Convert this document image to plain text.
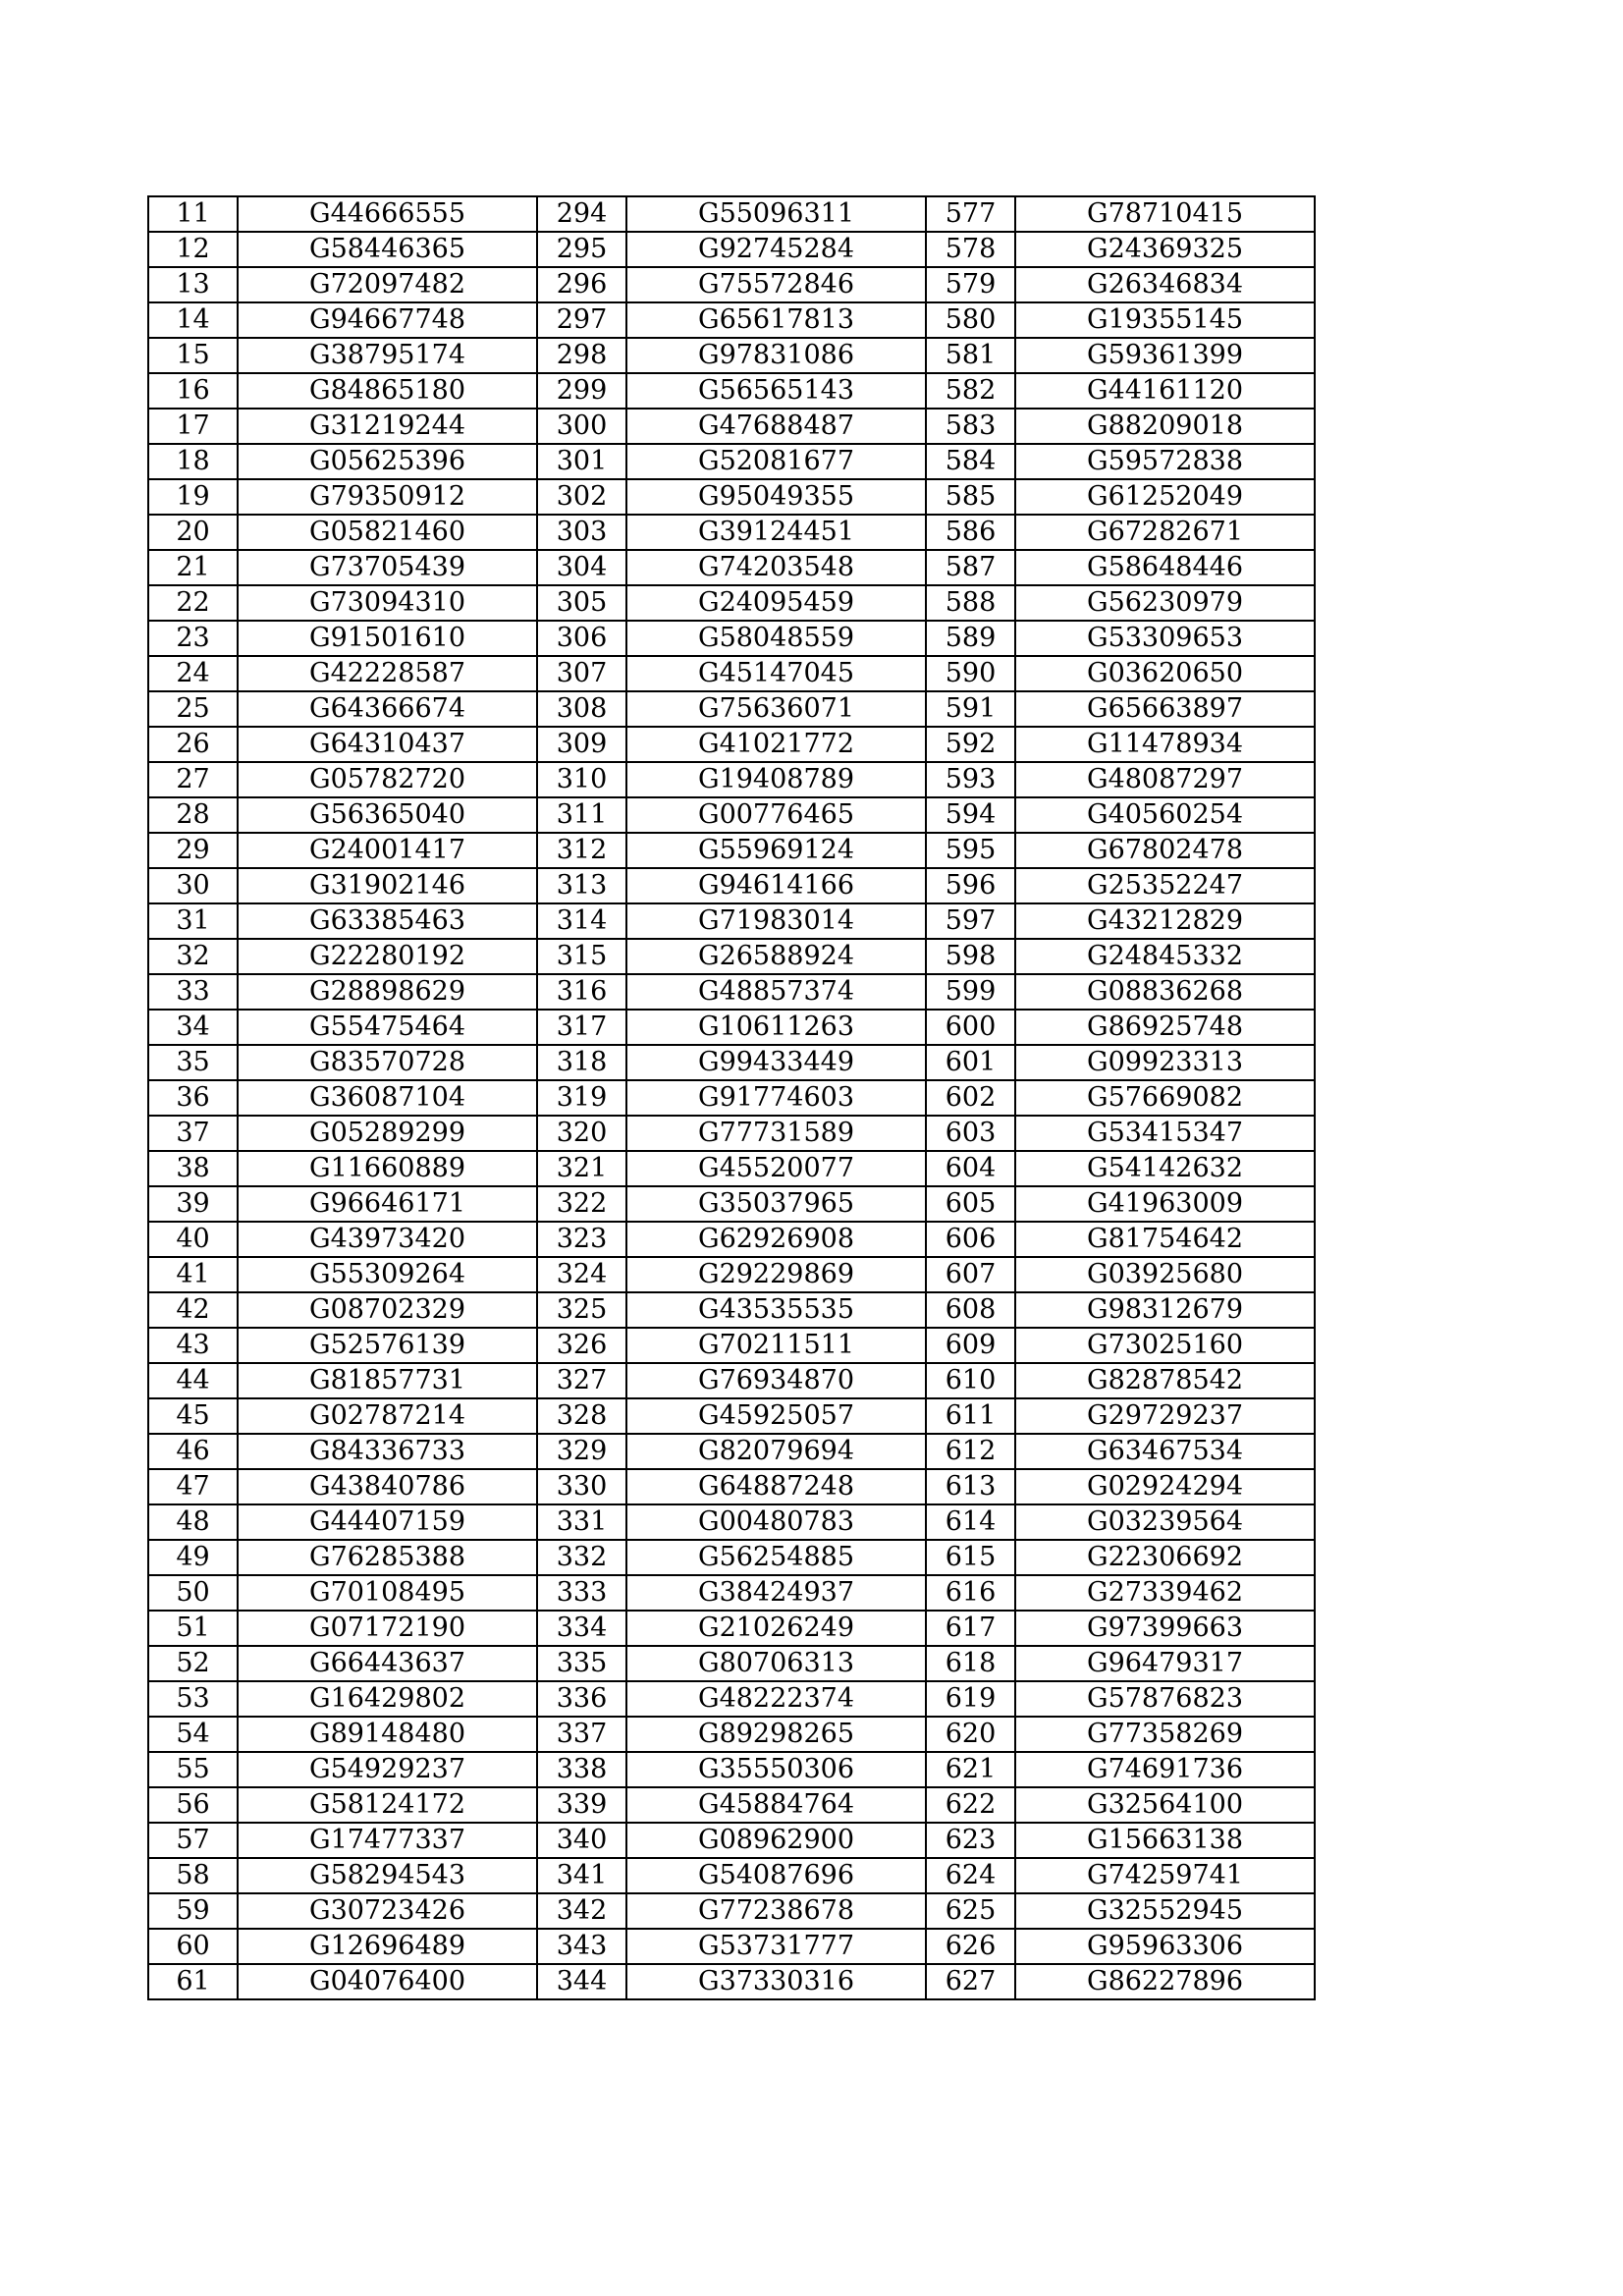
11	G44666555	294	G55096311	577	G78710415
12	G58446365	295	G92745284	578	G24369325
13	G72097482	296	G75572846	579	G26346834
14	G94667748	297	G65617813	580	G19355145
15	G38795174	298	G97831086	581	G59361399
16	G84865180	299	G56565143	582	G44161120
17	G31219244	300	G47688487	583	G88209018
18	G05625396	301	G52081677	584	G59572838
19	G79350912	302	G95049355	585	G61252049
20	G05821460	303	G39124451	586	G67282671
21	G73705439	304	G74203548	587	G58648446
22	G73094310	305	G24095459	588	G56230979
23	G91501610	306	G58048559	589	G53309653
24	G42228587	307	G45147045	590	G03620650
25	G64366674	308	G75636071	591	G65663897
26	G64310437	309	G41021772	592	G11478934
27	G05782720	310	G19408789	593	G48087297
28	G56365040	311	G00776465	594	G40560254
29	G24001417	312	G55969124	595	G67802478
30	G31902146	313	G94614166	596	G25352247
31	G63385463	314	G71983014	597	G43212829
32	G22280192	315	G26588924	598	G24845332
33	G28898629	316	G48857374	599	G08836268
34	G55475464	317	G10611263	600	G86925748
35	G83570728	318	G99433449	601	G09923313
36	G36087104	319	G91774603	602	G57669082
37	G05289299	320	G77731589	603	G53415347
38	G11660889	321	G45520077	604	G54142632
39	G96646171	322	G35037965	605	G41963009
40	G43973420	323	G62926908	606	G81754642
41	G55309264	324	G29229869	607	G03925680
42	G08702329	325	G43535535	608	G98312679
43	G52576139	326	G70211511	609	G73025160
44	G81857731	327	G76934870	610	G82878542
45	G02787214	328	G45925057	611	G29729237
46	G84336733	329	G82079694	612	G63467534
47	G43840786	330	G64887248	613	G02924294
48	G44407159	331	G00480783	614	G03239564
49	G76285388	332	G56254885	615	G22306692
50	G70108495	333	G38424937	616	G27339462
51	G07172190	334	G21026249	617	G97399663
52	G66443637	335	G80706313	618	G96479317
53	G16429802	336	G48222374	619	G57876823
54	G89148480	337	G89298265	620	G77358269
55	G54929237	338	G35550306	621	G74691736
56	G58124172	339	G45884764	622	G32564100
57	G17477337	340	G08962900	623	G15663138
58	G58294543	341	G54087696	624	G74259741
59	G30723426	342	G77238678	625	G32552945
60	G12696489	343	G53731777	626	G95963306
61	G04076400	344	G37330316	627	G86227896
